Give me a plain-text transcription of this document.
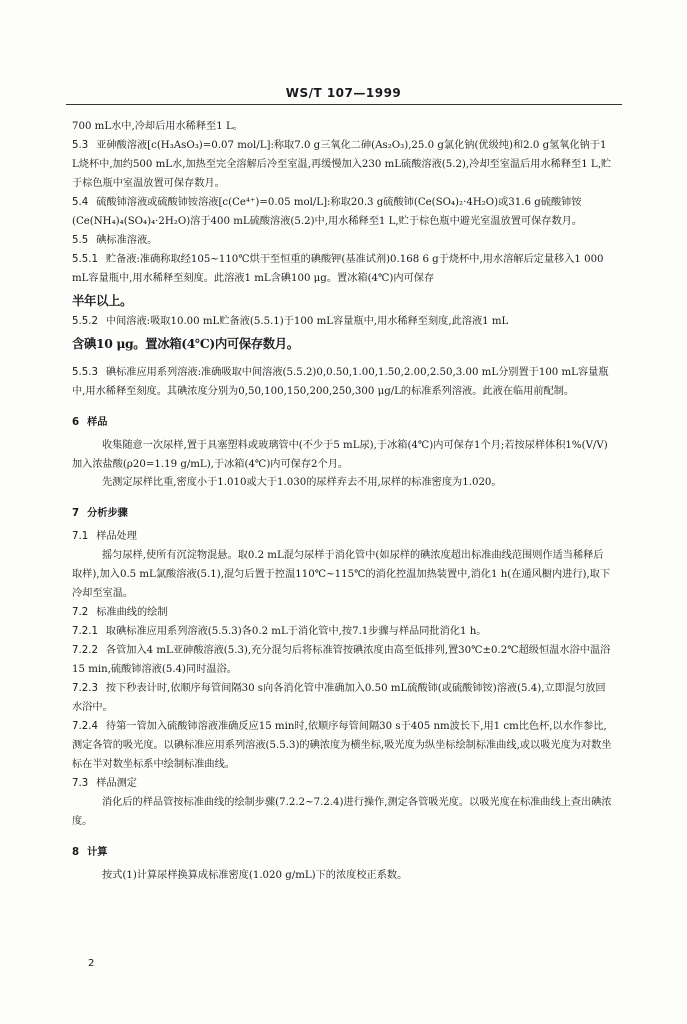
WS/T 107—1999

700 mL水中,冷却后用水稀释至1 L。

5.3 亚砷酸溶液[c(H₃AsO₃)=0.07 mol/L]:称取7.0 g三氧化二砷(As₂O₃),25.0 g氯化钠(优级纯)和2.0 g氢氧化钠于1 L烧杯中,加约500 mL水,加热至完全溶解后冷至室温,再缓慢加入230 mL硫酸溶液(5.2),冷却至室温后用水稀释至1 L,贮于棕色瓶中室温放置可保存数月。

5.4 硫酸铈溶液或硫酸铈铵溶液[c(Ce⁴⁺)=0.05 mol/L]:称取20.3 g硫酸铈(Ce(SO₄)₂·4H₂O)或31.6 g硫酸铈铵(Ce(NH₄)₄(SO₄)₄·2H₂O)溶于400 mL硫酸溶液(5.2)中,用水稀释至1 L,贮于棕色瓶中避光室温放置可保存数月。

5.5 碘标准溶液。

5.5.1 贮备液:准确称取经105~110℃烘干至恒重的碘酸钾(基准试剂)0.168 6 g于烧杯中,用水溶解后定量移入1 000 mL容量瓶中,用水稀释至刻度。此溶液1 mL含碘100 μg。置冰箱(4℃)内可保存
半年以上。

5.5.2 中间溶液:吸取10.00 mL贮备液(5.5.1)于100 mL容量瓶中,用水稀释至刻度,此溶液1 mL
含碘10 μg。置冰箱(4℃)内可保存数月。

5.5.3 碘标准应用系列溶液:准确吸取中间溶液(5.5.2)0,0.50,1.00,1.50,2.00,2.50,3.00 mL分别置于100 mL容量瓶中,用水稀释至刻度。其碘浓度分别为0,50,100,150,200,250,300 μg/L的标准系列溶液。此液在临用前配制。

6 样品

收集随意一次尿样,置于具塞塑料或玻璃管中(不少于5 mL尿),于冰箱(4℃)内可保存1个月;若按尿样体积1%(V/V)加入浓盐酸(ρ20=1.19 g/mL),于冰箱(4℃)内可保存2个月。

先测定尿样比重,密度小于1.010或大于1.030的尿样弃去不用,尿样的标准密度为1.020。

7 分析步骤

7.1 样品处理

摇匀尿样,使所有沉淀物混悬。取0.2 mL混匀尿样于消化管中(如尿样的碘浓度超出标准曲线范围则作适当稀释后取样),加入0.5 mL氯酸溶液(5.1),混匀后置于控温110℃~115℃的消化控温加热装置中,消化1 h(在通风橱内进行),取下冷却至室温。

7.2 标准曲线的绘制

7.2.1 取碘标准应用系列溶液(5.5.3)各0.2 mL于消化管中,按7.1步骤与样品同批消化1 h。

7.2.2 各管加入4 mL亚砷酸溶液(5.3),充分混匀后将标准管按碘浓度由高至低排列,置30℃±0.2℃超级恒温水浴中温浴15 min,硫酸铈溶液(5.4)同时温浴。

7.2.3 按下秒表计时,依顺序每管间隔30 s向各消化管中准确加入0.50 mL硫酸铈(或硫酸铈铵)溶液(5.4),立即混匀放回水浴中。

7.2.4 待第一管加入硫酸铈溶液准确反应15 min时,依顺序每管间隔30 s于405 nm波长下,用1 cm比色杯,以水作参比,测定各管的吸光度。以碘标准应用系列溶液(5.5.3)的碘浓度为横坐标,吸光度为纵坐标绘制标准曲线,或以吸光度为对数坐标在半对数坐标系中绘制标准曲线。

7.3 样品测定

消化后的样品管按标准曲线的绘制步骤(7.2.2~7.2.4)进行操作,测定各管吸光度。以吸光度在标准曲线上查出碘浓度。

8 计算

按式(1)计算尿样换算成标准密度(1.020 g/mL)下的浓度校正系数。

2
